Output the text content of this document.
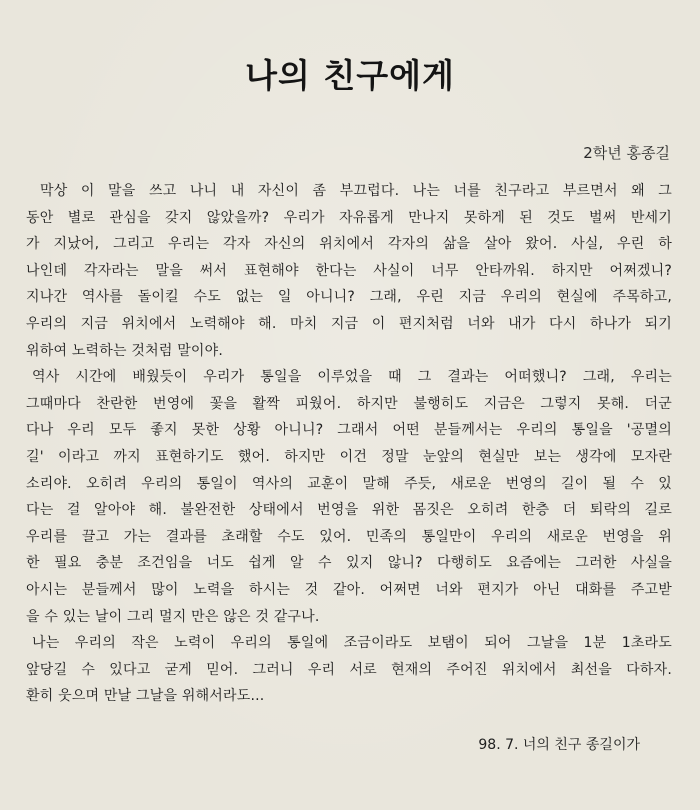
나의 친구에게
2학년 홍종길
막상 이 말을 쓰고 나니 내 자신이 좀 부끄럽다. 나는 너를 친구라고 부르면서 왜 그
동안 별로 관심을 갖지 않았을까? 우리가 자유롭게 만나지 못하게 된 것도 벌써 반세기
가 지났어, 그리고 우리는 각자 자신의 위치에서 각자의 삶을 살아 왔어. 사실, 우린 하
나인데 각자라는 말을 써서 표현해야 한다는 사실이 너무 안타까워. 하지만 어쩌겠니?
지나간 역사를 돌이킬 수도 없는 일 아니니? 그래, 우린 지금 우리의 현실에 주목하고,
우리의 지금 위치에서 노력해야 해. 마치 지금 이 편지처럼 너와 내가 다시 하나가 되기
위하여 노력하는 것처럼 말이야.
역사 시간에 배웠듯이 우리가 통일을 이루었을 때 그 결과는 어떠했니? 그래, 우리는
그때마다 찬란한 번영에 꽃을 활짝 피웠어. 하지만 불행히도 지금은 그렇지 못해. 더군
다나 우리 모두 좋지 못한 상황 아니니? 그래서 어떤 분들께서는 우리의 통일을 '공멸의
길' 이라고 까지 표현하기도 했어. 하지만 이건 정말 눈앞의 현실만 보는 생각에 모자란
소리야. 오히려 우리의 통일이 역사의 교훈이 말해 주듯, 새로운 번영의 길이 될 수 있
다는 걸 알아야 해. 불완전한 상태에서 번영을 위한 몸짓은 오히려 한층 더 퇴락의 길로
우리를 끌고 가는 결과를 초래할 수도 있어. 민족의 통일만이 우리의 새로운 번영을 위
한 필요 충분 조건임을 너도 쉽게 알 수 있지 않니? 다행히도 요즘에는 그러한 사실을
아시는 분들께서 많이 노력을 하시는 것 같아. 어쩌면 너와 편지가 아닌 대화를 주고받
을 수 있는 날이 그리 멀지 만은 않은 것 같구나.
나는 우리의 작은 노력이 우리의 통일에 조금이라도 보탬이 되어 그날을 1분 1초라도
앞당길 수 있다고 굳게 믿어. 그러니 우리 서로 현재의 주어진 위치에서 최선을 다하자.
환히 웃으며 만날 그날을 위해서라도...
98. 7. 너의 친구 종길이가
